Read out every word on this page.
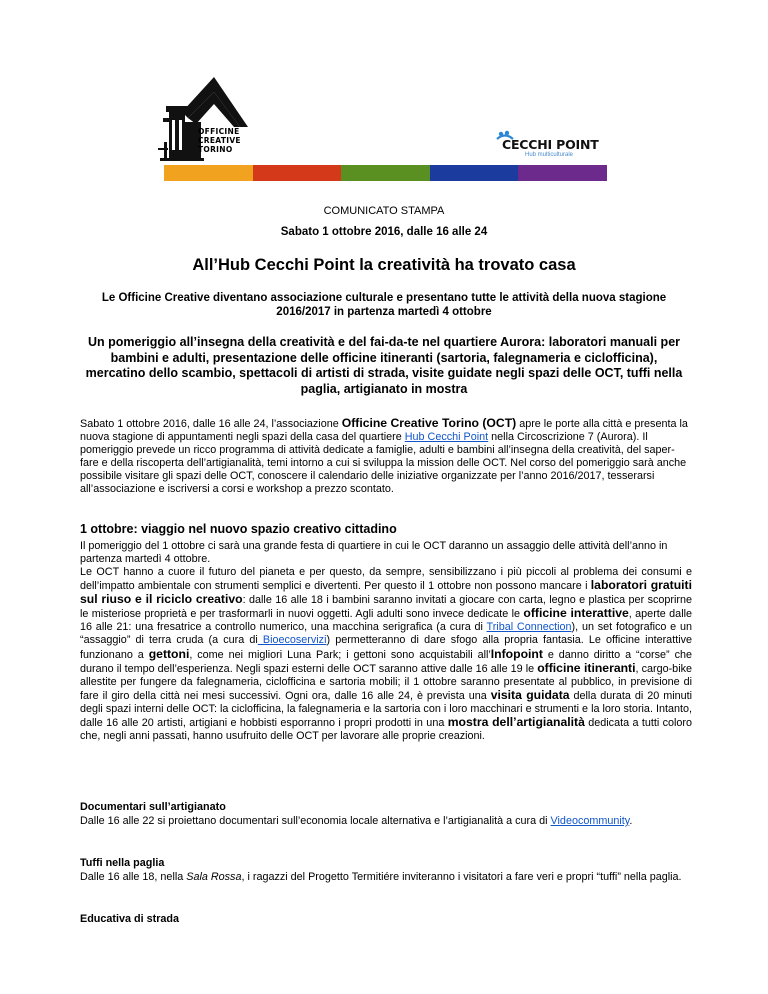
OFFICINE
CREATIVE
TORINO	CECCHI POINT
Hub multiculturale
COMUNICATO STAMPA
Sabato 1 ottobre 2016, dalle 16 alle 24
All’Hub Cecchi Point la creatività ha trovato casa
Le Officine Creative diventano associazione culturale e presentano tutte le attività della nuova stagione 2016/2017 in partenza martedì 4 ottobre
Un pomeriggio all’insegna della creatività e del fai-da-te nel quartiere Aurora: laboratori manuali per bambini e adulti, presentazione delle officine itineranti (sartoria, falegnameria e ciclofficina), mercatino dello scambio, spettacoli di artisti di strada, visite guidate negli spazi delle OCT, tuffi nella paglia, artigianato in mostra
Sabato 1 ottobre 2016, dalle 16 alle 24, l’associazione Officine Creative Torino (OCT) apre le porte alla città e presenta la nuova stagione di appuntamenti negli spazi della casa del quartiere Hub Cecchi Point nella Circoscrizione 7 (Aurora). Il pomeriggio prevede un ricco programma di attività dedicate a famiglie, adulti e bambini all’insegna della creatività, del saper-fare e della riscoperta dell’artigianalità, temi intorno a cui si sviluppa la mission delle OCT. Nel corso del pomeriggio sarà anche possibile visitare gli spazi delle OCT, conoscere il calendario delle iniziative organizzate per l’anno 2016/2017, tesserarsi all’associazione e iscriversi a corsi e workshop a prezzo scontato.
1 ottobre: viaggio nel nuovo spazio creativo cittadino
Il pomeriggio del 1 ottobre ci sarà una grande festa di quartiere in cui le OCT daranno un assaggio delle attività dell’anno in partenza martedì 4 ottobre.
Le OCT hanno a cuore il futuro del pianeta e per questo, da sempre, sensibilizzano i più piccoli al problema dei consumi e dell’impatto ambientale con strumenti semplici e divertenti. Per questo il 1 ottobre non possono mancare i laboratori gratuiti sul riuso e il riciclo creativo: dalle 16 alle 18 i bambini saranno invitati a giocare con carta, legno e plastica per scoprirne le misteriose proprietà e per trasformarli in nuovi oggetti. Agli adulti sono invece dedicate le officine interattive, aperte dalle 16 alle 21: una fresatrice a controllo numerico, una macchina serigrafica (a cura di Tribal Connection), un set fotografico e un “assaggio” di terra cruda (a cura di Bioecoservizi) permetteranno di dare sfogo alla propria fantasia. Le officine interattive funzionano a gettoni, come nei migliori Luna Park; i gettoni sono acquistabili all’Infopoint e danno diritto a “corse” che durano il tempo dell’esperienza. Negli spazi esterni delle OCT saranno attive dalle 16 alle 19 le officine itineranti, cargo-bike allestite per fungere da falegnameria, ciclofficina e sartoria mobili; il 1 ottobre saranno presentate al pubblico, in previsione di fare il giro della città nei mesi successivi. Ogni ora, dalle 16 alle 24, è prevista una visita guidata della durata di 20 minuti degli spazi interni delle OCT: la ciclofficina, la falegnameria e la sartoria con i loro macchinari e strumenti e la loro storia. Intanto, dalle 16 alle 20 artisti, artigiani e hobbisti esporranno i propri prodotti in una mostra dell’artigianalità dedicata a tutti coloro che, negli anni passati, hanno usufruito delle OCT per lavorare alle proprie creazioni.
Documentari sull’artigianato
Dalle 16 alle 22 si proiettano documentari sull’economia locale alternativa e l’artigianalità a cura di Videocommunity.
Tuffi nella paglia
Dalle 16 alle 18, nella Sala Rossa, i ragazzi del Progetto Termitiére inviteranno i visitatori a fare veri e propri “tuffi” nella paglia.
Educativa di strada
